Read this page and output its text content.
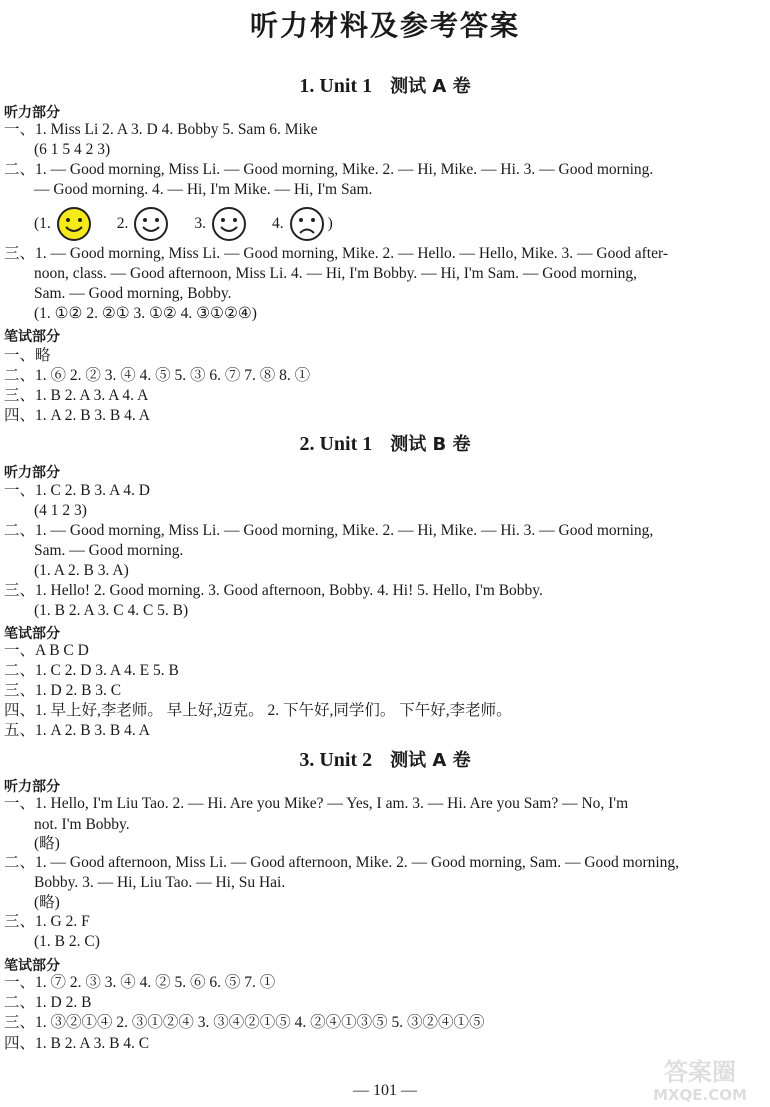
听力材料及参考答案
1. Unit 1 测试 A 卷
听力部分
一、1. Miss Li 2. A 3. D 4. Bobby 5. Sam 6. Mike
(6 1 5 4 2 3)
二、1. — Good morning, Miss Li. — Good morning, Mike. 2. — Hi, Mike. — Hi. 3. — Good morning.
— Good morning. 4. — Hi, I'm Mike. — Hi, I'm Sam.
(1.	2.	3.	4.	)
三、1. — Good morning, Miss Li. — Good morning, Mike. 2. — Hello. — Hello, Mike. 3. — Good after-
noon, class. — Good afternoon, Miss Li. 4. — Hi, I'm Bobby. — Hi, I'm Sam. — Good morning,
Sam. — Good morning, Bobby.
(1. ①② 2. ②① 3. ①② 4. ③①②④)
笔试部分
一、略
二、1. ⑥ 2. ② 3. ④ 4. ⑤ 5. ③ 6. ⑦ 7. ⑧ 8. ①
三、1. B 2. A 3. A 4. A
四、1. A 2. B 3. B 4. A
2. Unit 1 测试 B 卷
听力部分
一、1. C 2. B 3. A 4. D
(4 1 2 3)
二、1. — Good morning, Miss Li. — Good morning, Mike. 2. — Hi, Mike. — Hi. 3. — Good morning,
Sam. — Good morning.
(1. A 2. B 3. A)
三、1. Hello! 2. Good morning. 3. Good afternoon, Bobby. 4. Hi! 5. Hello, I'm Bobby.
(1. B 2. A 3. C 4. C 5. B)
笔试部分
一、A B C D
二、1. C 2. D 3. A 4. E 5. B
三、1. D 2. B 3. C
四、1. 早上好,李老师。 早上好,迈克。 2. 下午好,同学们。 下午好,李老师。
五、1. A 2. B 3. B 4. A
3. Unit 2 测试 A 卷
听力部分
一、1. Hello, I'm Liu Tao. 2. — Hi. Are you Mike? — Yes, I am. 3. — Hi. Are you Sam? — No, I'm
not. I'm Bobby.
(略)
二、1. — Good afternoon, Miss Li. — Good afternoon, Mike. 2. — Good morning, Sam. — Good morning,
Bobby. 3. — Hi, Liu Tao. — Hi, Su Hai.
(略)
三、1. G 2. F
(1. B 2. C)
笔试部分
一、1. ⑦ 2. ③ 3. ④ 4. ② 5. ⑥ 6. ⑤ 7. ①
二、1. D 2. B
三、1. ③②①④ 2. ③①②④ 3. ③④②①⑤ 4. ②④①③⑤ 5. ③②④①⑤
四、1. B 2. A 3. B 4. C
— 101 —
答案圈
MXQE.COM
